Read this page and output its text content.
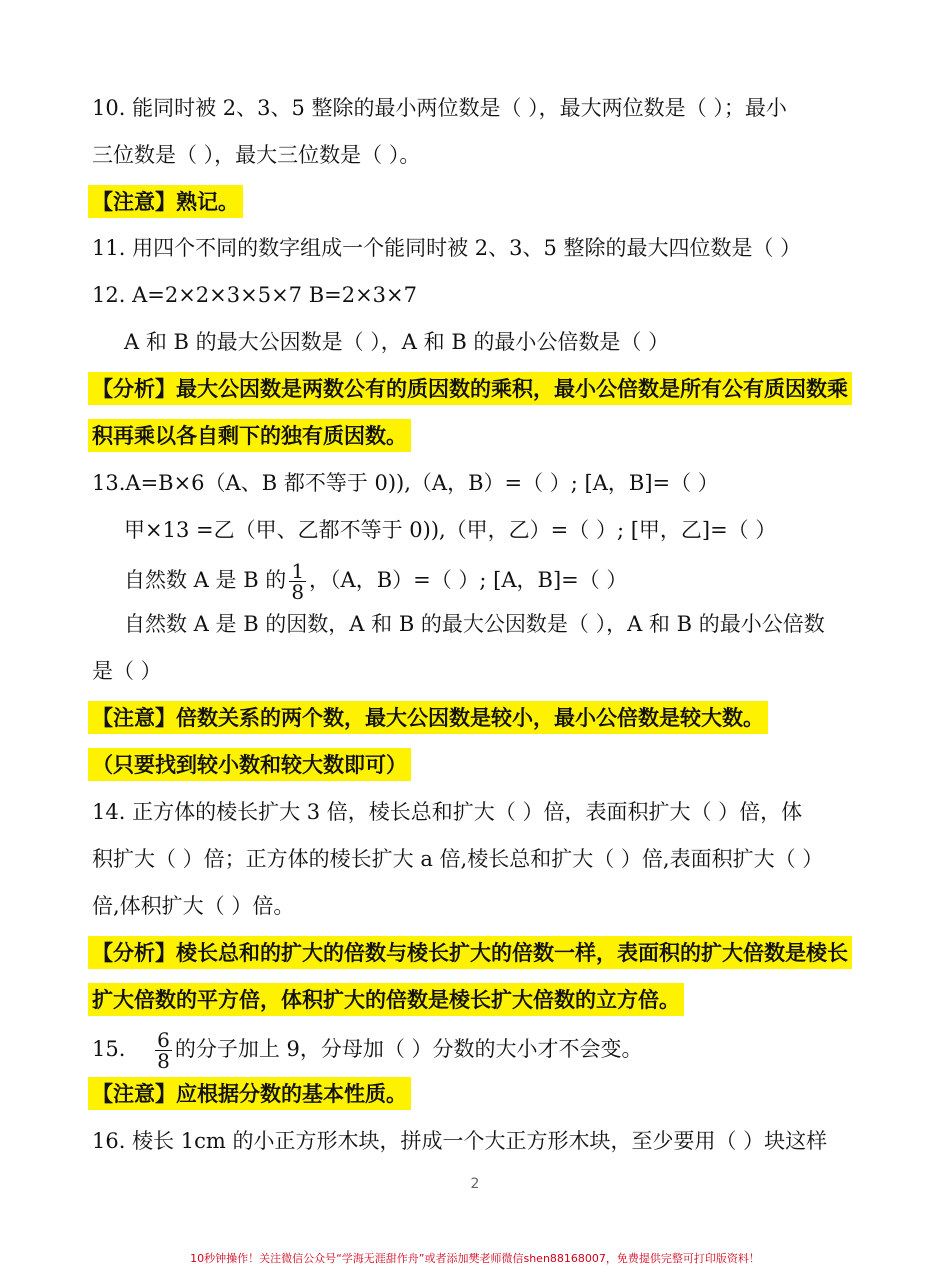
10. 能同时被 2、3、5 整除的最小两位数是（ ），最大两位数是（ ）；最小
三位数是（ ），最大三位数是（ ）。
【注意】熟记。
11. 用四个不同的数字组成一个能同时被 2、3、5 整除的最大四位数是（ ）
12. A=2×2×3×5×7 B=2×3×7
A 和 B 的最大公因数是（ ），A 和 B 的最小公倍数是（ ）
【分析】最大公因数是两数公有的质因数的乘积，最小公倍数是所有公有质因数乘
积再乘以各自剩下的独有质因数。
13.A=B×6（A、B 都不等于 0)),（A，B）=（ ）; [A，B]=（ ）
甲×13 =乙（甲、乙都不等于 0)),（甲，乙）=（ ）; [甲，乙]=（ ）
自然数 A 是 B 的 $\frac{1}{8}$ ，（A，B）=（ ）; [A，B]=（ ）
自然数 A 是 B 的因数，A 和 B 的最大公因数是（ ），A 和 B 的最小公倍数
是（ ）
【注意】倍数关系的两个数，最大公因数是较小，最小公倍数是较大数。
（只要找到较小数和较大数即可）
14. 正方体的棱长扩大 3 倍，棱长总和扩大（ ）倍，表面积扩大（ ）倍，体
积扩大（ ）倍；正方体的棱长扩大 a 倍,棱长总和扩大（ ）倍,表面积扩大（ ）
倍,体积扩大（ ）倍。
【分析】棱长总和的扩大的倍数与棱长扩大的倍数一样，表面积的扩大倍数是棱长
扩大倍数的平方倍，体积扩大的倍数是棱长扩大倍数的立方倍。
15. $\frac{6}{8}$ 的分子加上 9，分母加（ ）分数的大小才不会变。
【注意】应根据分数的基本性质。
16. 棱长 1cm 的小正方形木块，拼成一个大正方形木块，至少要用（ ）块这样
2
10秒钟操作！关注微信公众号“学海无涯甜作舟”或者添加樊老师微信shen88168007，免费提供完整可打印版资料！
